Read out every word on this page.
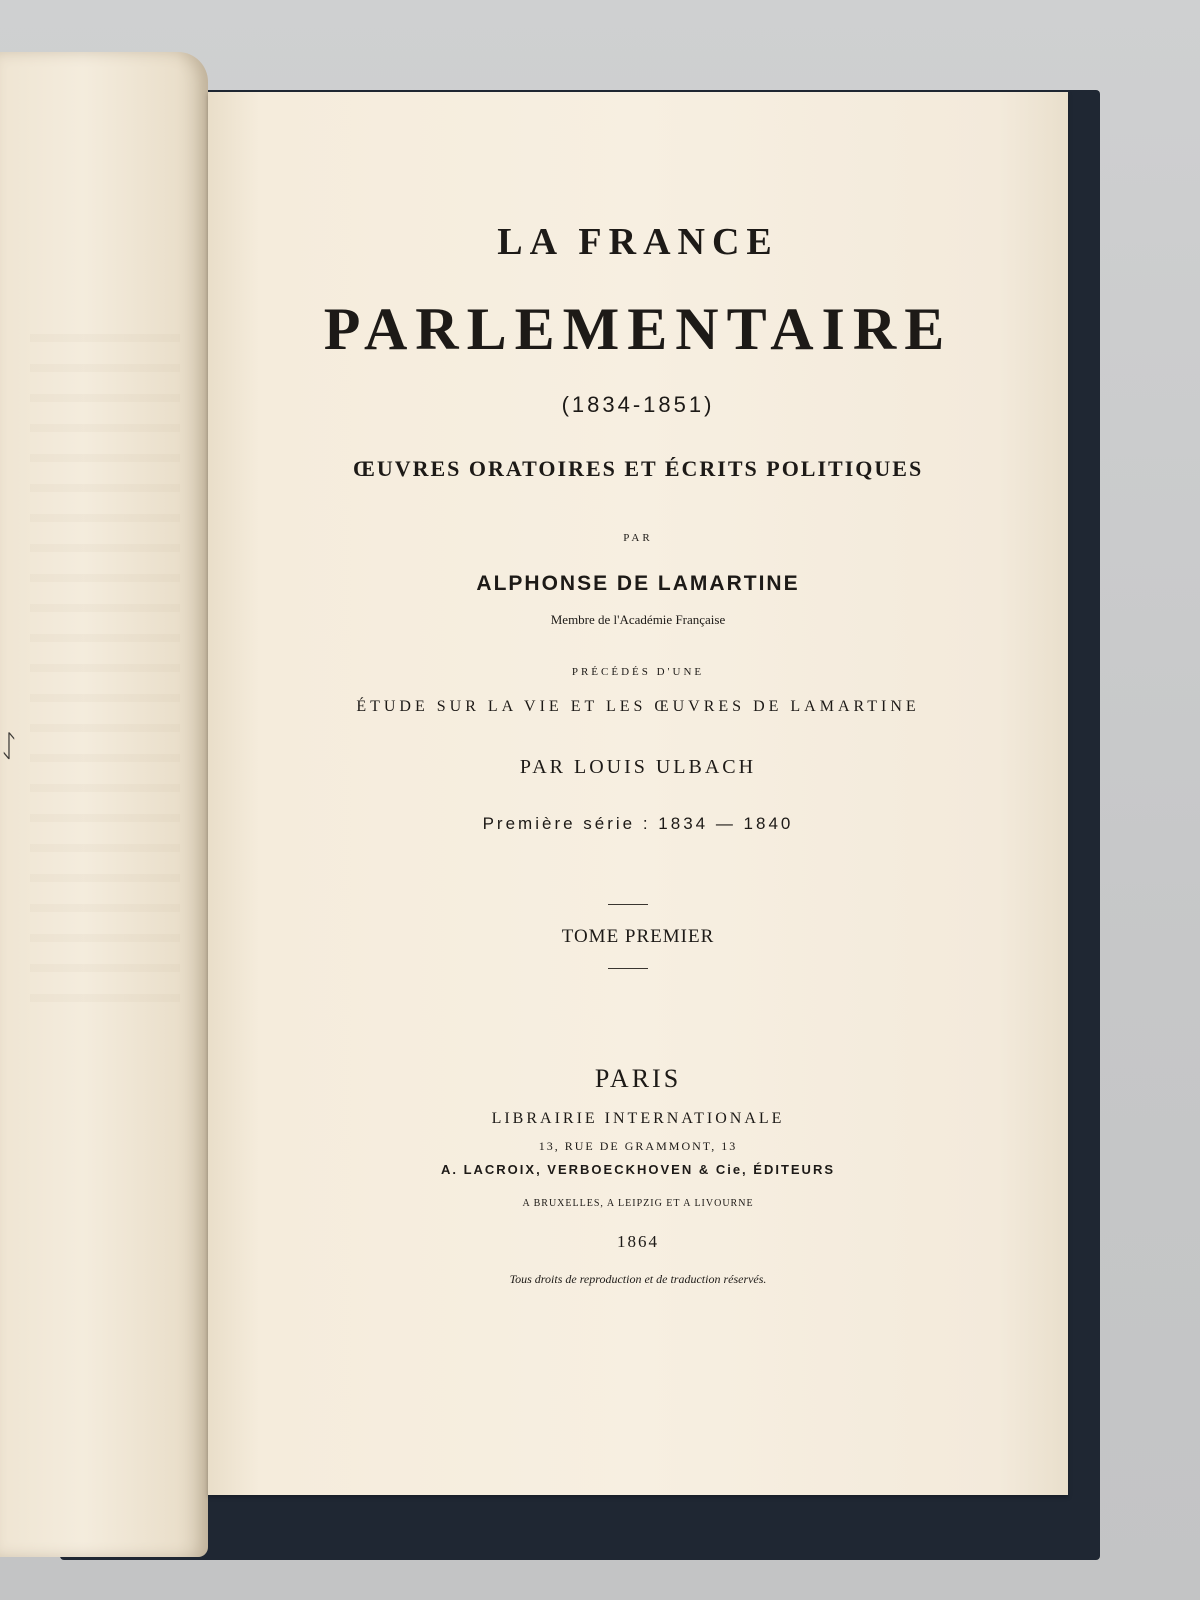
ᛇ
LA FRANCE
PARLEMENTAIRE
(1834-1851)
ŒUVRES ORATOIRES ET ÉCRITS POLITIQUES
PAR
ALPHONSE DE LAMARTINE
Membre de l'Académie Française
PRÉCÉDÉS D'UNE
ÉTUDE SUR LA VIE ET LES ŒUVRES DE LAMARTINE
PAR LOUIS ULBACH
Première série : 1834 — 1840
TOME PREMIER
PARIS
LIBRAIRIE INTERNATIONALE
13, RUE DE GRAMMONT, 13
A. LACROIX, VERBOECKHOVEN & Cie, ÉDITEURS
A BRUXELLES, A LEIPZIG ET A LIVOURNE
1864
Tous droits de reproduction et de traduction réservés.
